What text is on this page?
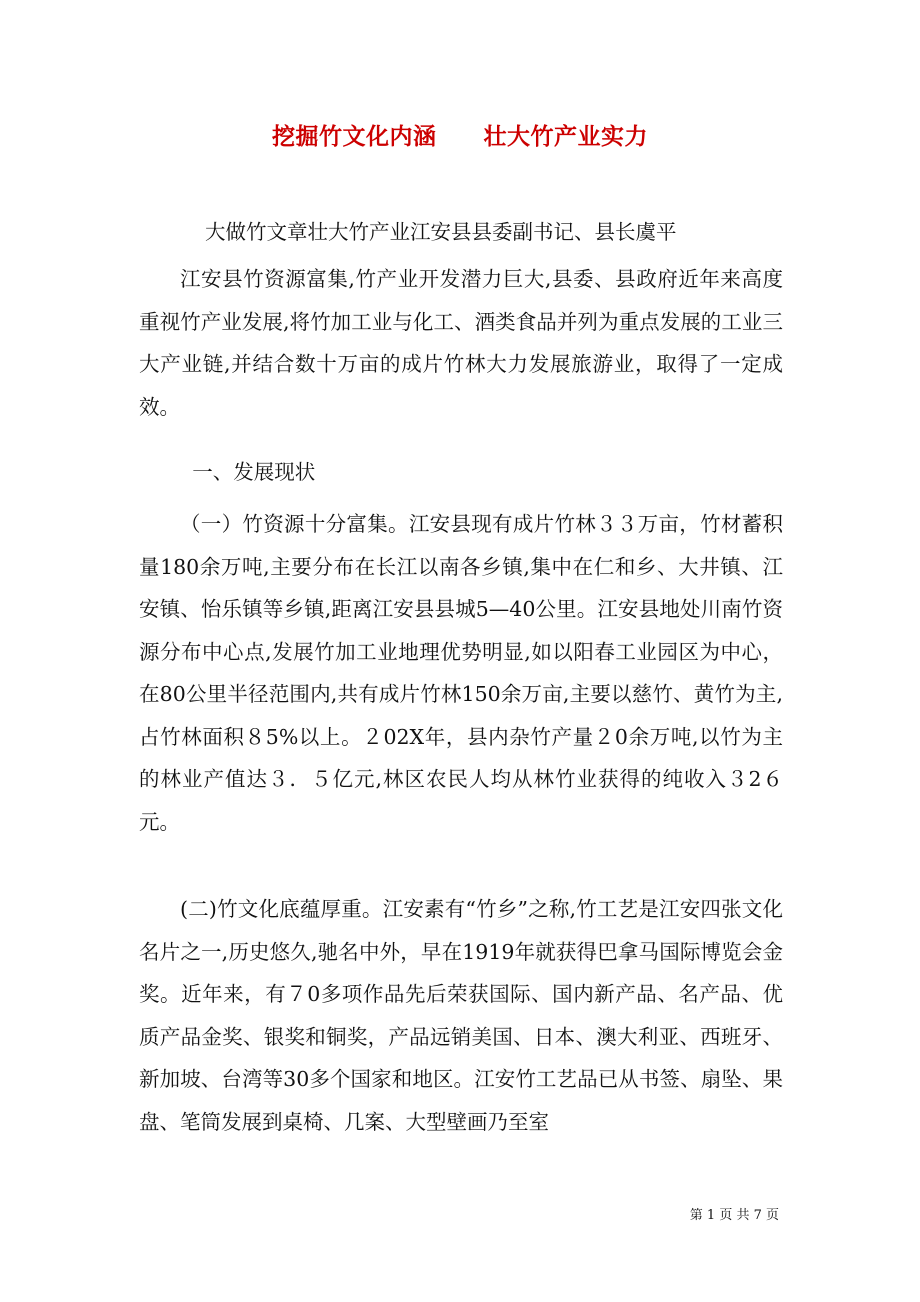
挖掘竹文化内涵　　壮大竹产业实力
大做竹文章壮大竹产业江安县县委副书记、县长虞平

江安县竹资源富集,竹产业开发潜力巨大,县委、县政府近年来高度重视竹产业发展,将竹加工业与化工、酒类食品并列为重点发展的工业三大产业链,并结合数十万亩的成片竹林大力发展旅游业，取得了一定成效。

一、发展现状

（一）竹资源十分富集。江安县现有成片竹林３３万亩，竹材蓄积量180余万吨,主要分布在长江以南各乡镇,集中在仁和乡、大井镇、江安镇、怡乐镇等乡镇,距离江安县县城5—40公里。江安县地处川南竹资源分布中心点,发展竹加工业地理优势明显,如以阳春工业园区为中心，在80公里半径范围内,共有成片竹林150余万亩,主要以慈竹、黄竹为主,占竹林面积８5%以上。２02X年，县内杂竹产量２0余万吨,以竹为主的林业产值达３．５亿元,林区农民人均从林竹业获得的纯收入３2６元。

(二)竹文化底蕴厚重。江安素有“竹乡”之称,竹工艺是江安四张文化名片之一,历史悠久,驰名中外，早在1919年就获得巴拿马国际博览会金奖。近年来，有７0多项作品先后荣获国际、国内新产品、名产品、优质产品金奖、银奖和铜奖，产品远销美国、日本、澳大利亚、西班牙、新加坡、台湾等30多个国家和地区。江安竹工艺品已从书签、扇坠、果盘、笔筒发展到桌椅、几案、大型壁画乃至室

第 1 页 共 7 页
